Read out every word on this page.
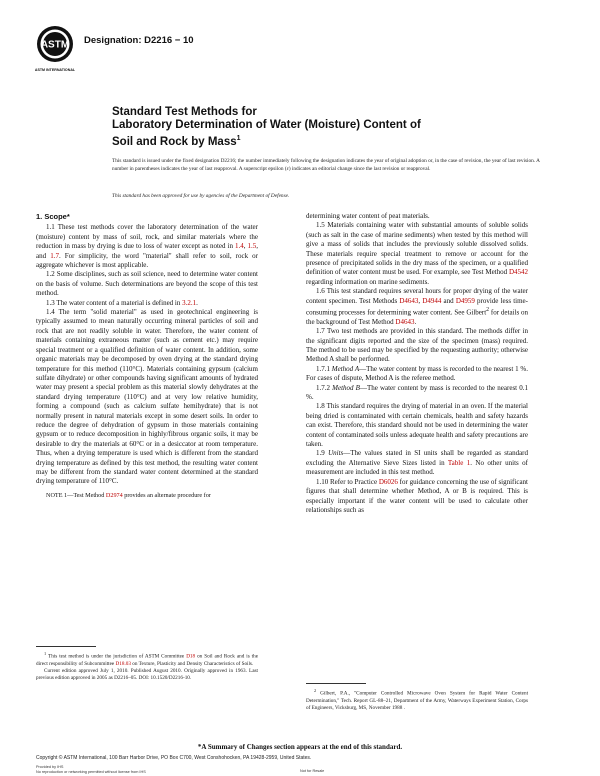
ASTM
ASTM INTERNATIONAL
Designation: D2216 − 10
Standard Test Methods for
Laboratory Determination of Water (Moisture) Content of
Soil and Rock by Mass$^1$
This standard is issued under the fixed designation D2216; the number immediately following the designation indicates the year of original adoption or, in the case of revision, the year of last revision. A number in parentheses indicates the year of last reapproval. A superscript epsilon (ε) indicates an editorial change since the last revision or reapproval.
This standard has been approved for use by agencies of the Department of Defense.
1. Scope*

1.1 These test methods cover the laboratory determination of the water (moisture) content by mass of soil, rock, and similar materials where the reduction in mass by drying is due to loss of water except as noted in 1.4, 1.5, and 1.7. For simplicity, the word "material" shall refer to soil, rock or aggregate whichever is most applicable.

1.2 Some disciplines, such as soil science, need to determine water content on the basis of volume. Such determinations are beyond the scope of this test method.

1.3 The water content of a material is defined in 3.2.1.

1.4 The term "solid material" as used in geotechnical engineering is typically assumed to mean naturally occurring mineral particles of soil and rock that are not readily soluble in water. Therefore, the water content of materials containing extraneous matter (such as cement etc.) may require special treatment or a qualified definition of water content. In addition, some organic materials may be decomposed by oven drying at the standard drying temperature for this method (110°C). Materials containing gypsum (calcium sulfate dihydrate) or other compounds having significant amounts of hydrated water may present a special problem as this material slowly dehydrates at the standard drying temperature (110°C) and at very low relative humidity, forming a compound (such as calcium sulfate hemihydrate) that is not normally present in natural materials except in some desert soils. In order to reduce the degree of dehydration of gypsum in those materials containing gypsum or to reduce decomposition in highly/fibrous organic soils, it may be desirable to dry the materials at 60°C or in a desiccator at room temperature. Thus, when a drying temperature is used which is different from the standard drying temperature as defined by this test method, the resulting water content may be different from the standard water content determined at the standard drying temperature of 110°C.

NOTE 1—Test Method D2974 provides an alternate procedure for

$^1$ This test method is under the jurisdiction of ASTM Committee D18 on Soil and Rock and is the direct responsibility of Subcommittee D18.03 on Texture, Plasticity and Density Characteristics of Soils.

Current edition approved July 1, 2010. Published August 2010. Originally approved in 1963. Last previous edition approved in 2005 as D2216–05. DOI: 10.1520/D2216-10.

determining water content of peat materials.

1.5 Materials containing water with substantial amounts of soluble solids (such as salt in the case of marine sediments) when tested by this method will give a mass of solids that includes the previously soluble dissolved solids. These materials require special treatment to remove or account for the presence of precipitated solids in the dry mass of the specimen, or a qualified definition of water content must be used. For example, see Test Method D4542 regarding information on marine sediments.

1.6 This test standard requires several hours for proper drying of the water content specimen. Test Methods D4643, D4944 and D4959 provide less time-consuming processes for determining water content. See Gilbert$^2$ for details on the background of Test Method D4643.

1.7 Two test methods are provided in this standard. The methods differ in the significant digits reported and the size of the specimen (mass) required. The method to be used may be specified by the requesting authority; otherwise Method A shall be performed.

1.7.1 Method A—The water content by mass is recorded to the nearest 1 %. For cases of dispute, Method A is the referee method.

1.7.2 Method B—The water content by mass is recorded to the nearest 0.1 %.

1.8 This standard requires the drying of material in an oven. If the material being dried is contaminated with certain chemicals, health and safety hazards can exist. Therefore, this standard should not be used in determining the water content of contaminated soils unless adequate health and safety precautions are taken.

1.9 Units—The values stated in SI units shall be regarded as standard excluding the Alternative Sieve Sizes listed in Table 1. No other units of measurement are included in this test method.

1.10 Refer to Practice D6026 for guidance concerning the use of significant figures that shall determine whether Method, A or B is required. This is especially important if the water content will be used to calculate other relationships such as

$^2$ Gilbert, P.A., "Computer Controlled Microwave Oven System for Rapid Water Content Determination," Tech. Report GL-88–21, Department of the Army, Waterways Experiment Station, Corps of Engineers, Vicksburg, MS, November 1988 .

*A Summary of Changes section appears at the end of this standard.
Copyright © ASTM International, 100 Barr Harbor Drive, PO Box C700, West Conshohocken, PA 19428-2959, United States.
Provided by IHS
No reproduction or networking permitted without license from IHS	Not for Resale
